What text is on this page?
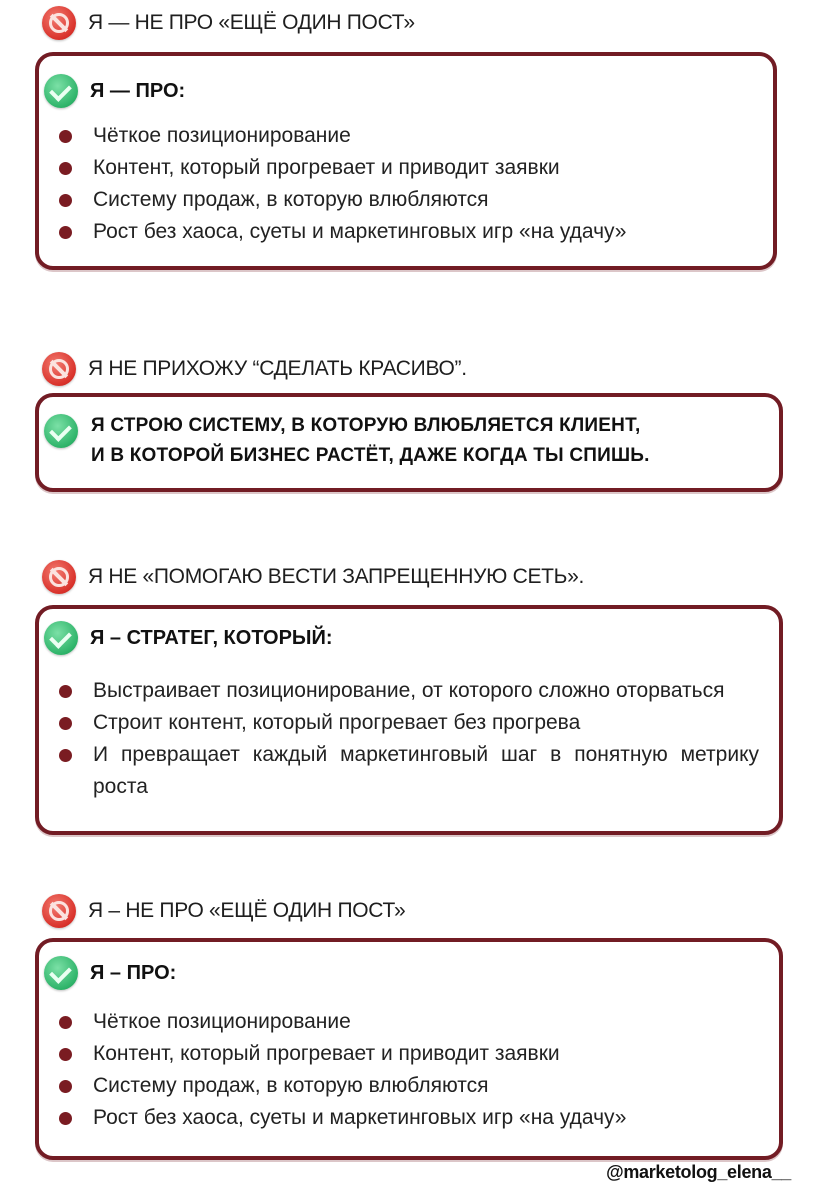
Я — НЕ ПРО «ЕЩЁ ОДИН ПОСТ»
Я — ПРО:
Чёткое позиционирование
Контент, который прогревает и приводит заявки
Систему продаж, в которую влюбляются
Рост без хаоса, суеты и маркетинговых игр «на удачу»
Я НЕ ПРИХОЖУ “СДЕЛАТЬ КРАСИВО”.
Я СТРОЮ СИСТЕМУ, В КОТОРУЮ ВЛЮБЛЯЕТСЯ КЛИЕНТ,
И В КОТОРОЙ БИЗНЕС РАСТЁТ, ДАЖЕ КОГДА ТЫ СПИШЬ.
Я НЕ «ПОМОГАЮ ВЕСТИ ЗАПРЕЩЕННУЮ СЕТЬ».
Я – СТРАТЕГ, КОТОРЫЙ:
Выстраивает позиционирование, от которого сложно оторваться
Строит контент, который прогревает без прогрева
И превращает каждый маркетинговый шаг в понятную метрику роста
Я – НЕ ПРО «ЕЩЁ ОДИН ПОСТ»
Я – ПРО:
Чёткое позиционирование
Контент, который прогревает и приводит заявки
Систему продаж, в которую влюбляются
Рост без хаоса, суеты и маркетинговых игр «на удачу»
@marketolog_elena__
